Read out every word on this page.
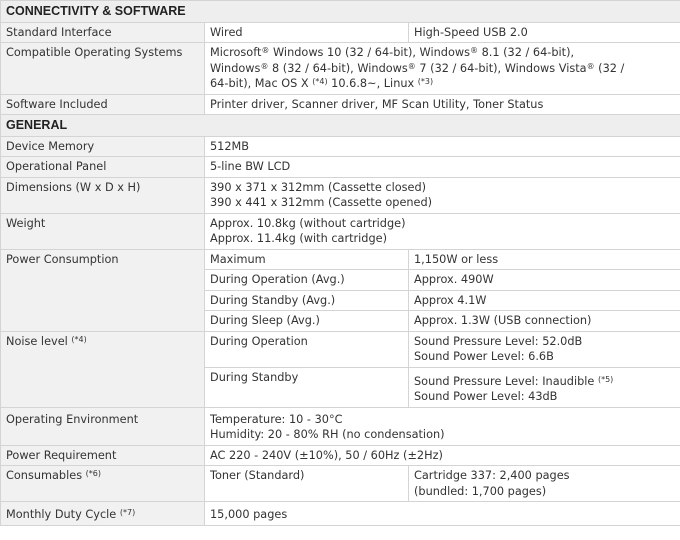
CONNECTIVITY & SOFTWARE		
Standard Interface	Wired	High-Speed USB 2.0
Compatible Operating Systems	Microsoft® Windows 10 (32 / 64-bit), Windows® 8.1 (32 / 64-bit),
Windows® 8 (32 / 64-bit), Windows® 7 (32 / 64-bit), Windows Vista® (32 /
64-bit), Mac OS X $^{(*4)}$ 10.6.8~, Linux $^{(*3)}$
Software Included	Printer driver, Scanner driver, MF Scan Utility, Toner Status	
GENERAL		
Device Memory	512MB	
Operational Panel	5-line BW LCD	
Dimensions (W x D x H)	390 x 371 x 312mm (Cassette closed)
390 x 441 x 312mm (Cassette opened)	

Weight	Approx. 10.8kg (without cartridge)
Approx. 11.4kg (with cartridge)	

Power Consumption	Maximum	1,150W or less
	During Operation (Avg.)	Approx. 490W
	During Standby (Avg.)	Approx 4.1W
	During Sleep (Avg.)	Approx. 1.3W (USB connection)
Noise level $^{(*4)}$	During Operation	Sound Pressure Level: 52.0dB
Sound Power Level: 6.6B

	During Standby	Sound Pressure Level: Inaudible $^{(*5)}$
Sound Power Level: 43dB

Operating Environment	Temperature: 10 - 30°C
Humidity: 20 - 80% RH (no condensation)	

Power Requirement	AC 220 - 240V (±10%), 50 / 60Hz (±2Hz)	
Consumables $^{(*6)}$	Toner (Standard)	Cartridge 337: 2,400 pages
(bundled: 1,700 pages)

Monthly Duty Cycle $^{(*7)}$	15,000 pages	
